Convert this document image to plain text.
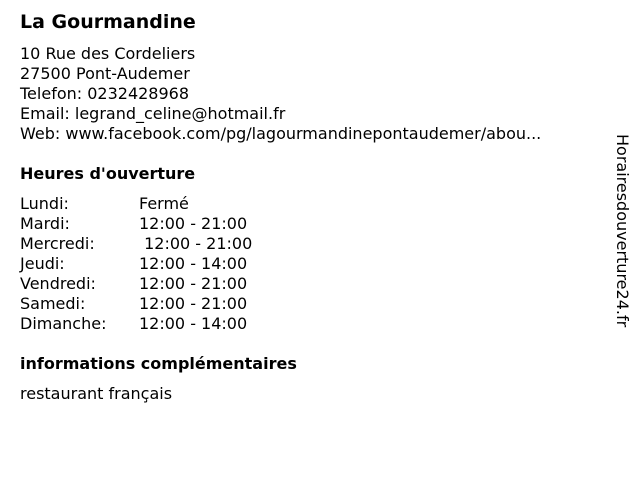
La Gourmandine
10 Rue des Cordeliers
27500 Pont-Audemer
Telefon: 0232428968
Email: legrand_celine@hotmail.fr
Web: www.facebook.com/pg/lagourmandinepontaudemer/abou...
Heures d'ouverture
Lundi:	Fermé
Mardi:	12:00 - 21:00
Mercredi:	12:00 - 21:00
Jeudi:	12:00 - 14:00
Vendredi:	12:00 - 21:00
Samedi:	12:00 - 21:00
Dimanche:	12:00 - 14:00
informations complémentaires
restaurant français
Horairesdouverture24.fr
